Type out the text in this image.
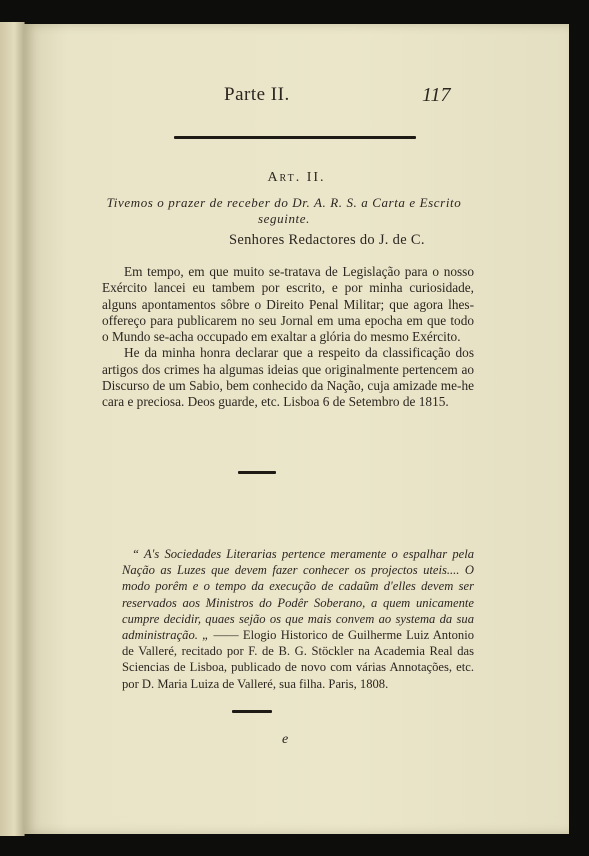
Parte II.	117
Art. II.
Tivemos o prazer de receber do Dr. A. R. S. a Carta e Escrito seguinte.
Senhores Redactores do J. de C.

Em tempo, em que muito se-tratava de Legislação para o nosso Exército lancei eu tambem por escrito, e por minha curiosidade, alguns apontamentos sôbre o Direito Penal Militar; que agora lhes-offereço para publicarem no seu Jornal em uma epocha em que todo o Mundo se-acha occupado em exaltar a glória do mesmo Exército.

He da minha honra declarar que a respeito da classificação dos artigos dos crimes ha algumas ideias que originalmente pertencem ao Discurso de um Sabio, bem conhecido da Nação, cuja amizade me-he cara e preciosa. Deos guarde, etc. Lisboa 6 de Setembro de 1815.

“ A's Sociedades Literarias pertence meramente o espalhar pela Nação as Luzes que devem fazer conhecer os projectos uteis.... O modo porêm e o tempo da execução de cadaũm d'elles devem ser reservados aos Ministros do Podêr Soberano, a quem unicamente cumpre decidir, quaes sejão os que mais convem ao systema da sua administração. „ —— Elogio Historico de Guilherme Luiz Antonio de Valleré, recitado por F. de B. G. Stöckler na Academia Real das Sciencias de Lisboa, publicado de novo com várias Annotações, etc. por D. Maria Luiza de Valleré, sua filha. Paris, 1808.

e
